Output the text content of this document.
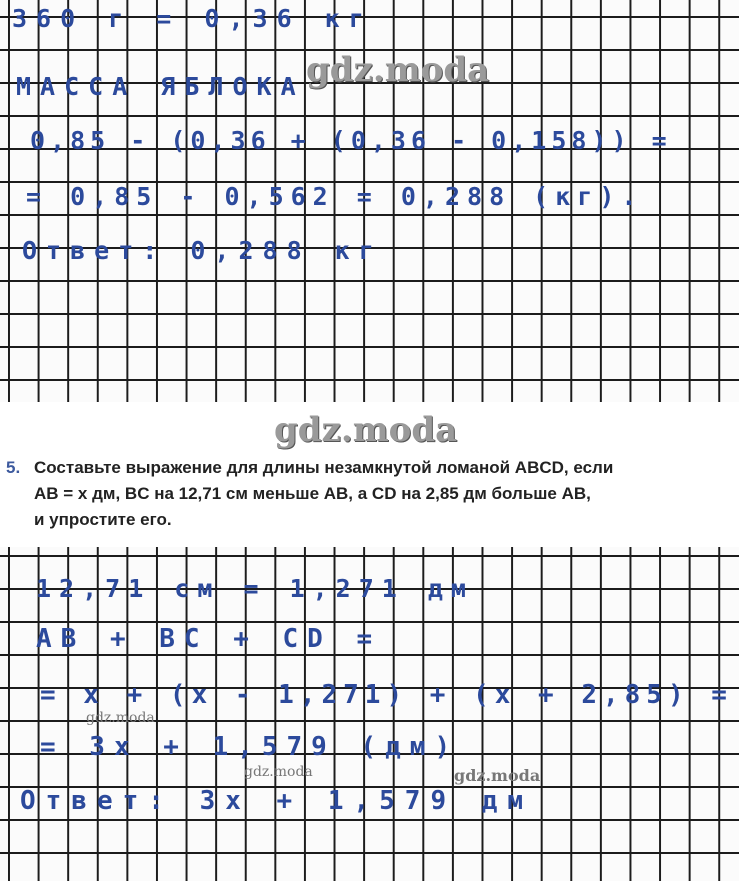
360 г = 0,36 кг

МАССА ЯБЛОКА

0,85 - (0,36 + (0,36 - 0,158)) =

= 0,85 - 0,562 = 0,288 (кг).

Ответ: 0,288 кг

gdz.moda

gdz.moda

5. Составьте выражение для длины незамкнутой ломаной ABCD, если
AB = x дм, BC на 12,71 см меньше AB, а CD на 2,85 дм больше AB,
и упростите его.

12,71 см = 1,271 дм

AB + BC + CD =

= x + (x - 1,271) + (x + 2,85) =

= 3x + 1,579 (дм)

Ответ: 3x + 1,579 дм

gdz.moda

gdz.moda	gdz.moda
